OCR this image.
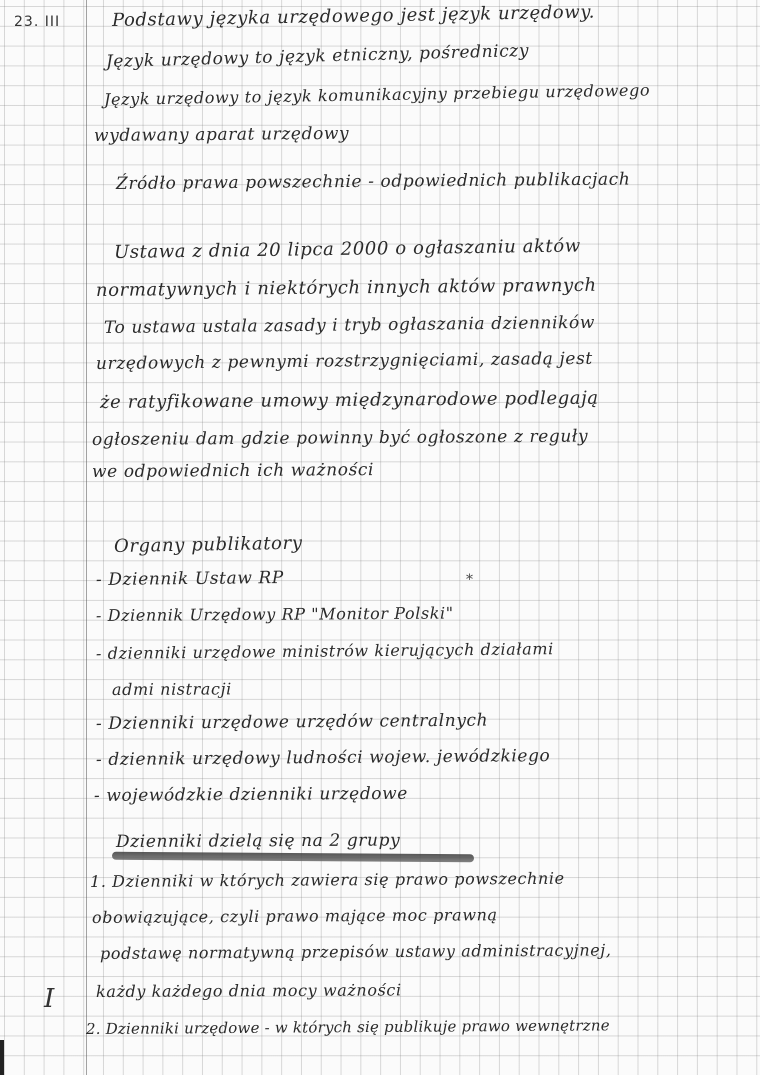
23. III	Podstawy języka urzędowego jest język urzędowy.
Język urzędowy to język etniczny, pośredniczy
Język urzędowy to język komunikacyjny przebiegu urzędowego
wydawany aparat urzędowy
Źródło prawa powszechnie - odpowiednich publikacjach
Ustawa z dnia 20 lipca 2000 o ogłaszaniu aktów
normatywnych i niektórych innych aktów prawnych
To ustawa ustala zasady i tryb ogłaszania dzienników
urzędowych z pewnymi rozstrzygnięciami, zasadą jest
że ratyfikowane umowy międzynarodowe podlegają
ogłoszeniu dam gdzie powinny być ogłoszone z reguły
we odpowiednich ich ważności
Organy publikatory
- Dziennik Ustaw RP	*
- Dziennik Urzędowy RP "Monitor Polski"
- dzienniki urzędowe ministrów kierujących działami
admi nistracji
- Dzienniki urzędowe urzędów centralnych
- dziennik urzędowy ludności wojew. jewódzkiego
- wojewódzkie dzienniki urzędowe
Dzienniki dzielą się na 2 grupy
1. Dzienniki w których zawiera się prawo powszechnie
obowiązujące, czyli prawo mające moc prawną
podstawę normatywną przepisów ustawy administracyjnej,
każdy każdego dnia mocy ważności
I
2. Dzienniki urzędowe - w których się publikuje prawo wewnętrzne
